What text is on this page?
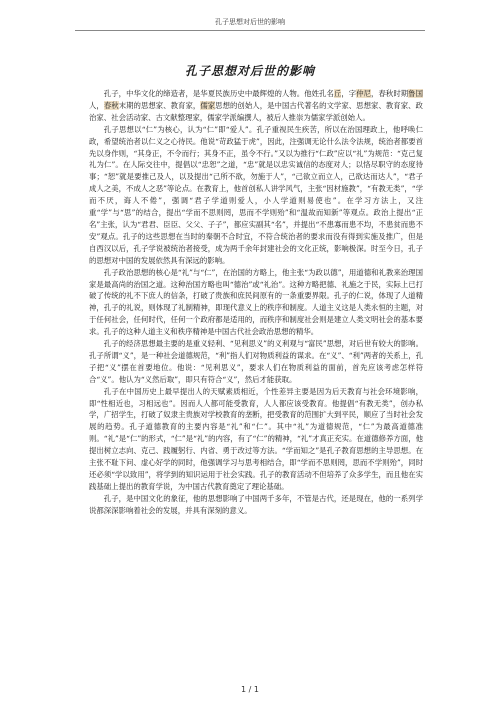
孔子思想对后世的影响
孔子思想对后世的影响

孔子，中华文化的缔造者，是华夏民族历史中最辉煌的人物。他姓孔名丘，字仲尼，春秋时期鲁国人，春秋末期的思想家、教育家，儒家思想的创始人，是中国古代著名的文学家、思想家、教育家、政治家、社会活动家、古文献整理家，儒家学派编撰人，被后人推崇为儒家学派创始人。

孔子思想以“仁”为核心，认为“仁”即“爱人”。孔子重视民生疾苦，所以在治国理政上，他呼唤仁政，希望统治者以仁义之心待民。他说“苛政猛于虎”，因此，注强调无论什么法令法规，统治者都要首先以身作则，“其身正，不令而行；其身不正，虽令不行。”又以为推行“仁政”应以“礼”为规范：“克己复礼为仁”。在人际交往中，提倡以“忠恕”之道，“忠”就是以忠实诚信的态度对人；以恪尽职守的态度待事；“恕”就是要推己及人，以及提出“己所不欲，勿施于人”，“己欲立而立人，己欲达而达人”，“君子成人之美，不成人之恶”等论点。在教育上，他首创私人讲学风气，主张“因材施教”，“有教无类”，“学而不厌，诲人不倦”，强调“君子学道则爱人，小人学道则易使也”。在学习方法上，又注重“学”与“思”的结合，提出“学而不思则罔，思而不学则殆”和“温故而知新”等观点。政治上提出“正名”主张，认为“君君、臣臣、父父、子子”，都应实副其“名”，并提出“不患寡而患不均，不患贫而患不安”观点。孔子的这些思想在当时的秦朝不合时宜，不符合统治者的要求而没有得到实施及推广，但是自西汉以后，孔子学说被统治者接受，成为两千余年封建社会的文化正统，影响极深。时至今日，孔子的思想对中国的发展依然具有深远的影响。

孔子政治思想的核心是“礼”与“仁”，在治国的方略上，他主张“为政以德”，用道德和礼教来治理国家是最高尚的治国之道。这种治国方略也叫“德治”或“礼治”。这种方略把德、礼施之于民，实际上已打破了传统的礼不下庶人的信条，打破了贵族和庶民间原有的一条重要界限。孔子的仁说，体现了人道精神，孔子的礼说，则体现了礼制精神，即现代意义上的秩序和制度。人道主义这是人类永恒的主题，对于任何社会，任何时代，任何一个政府都是适用的，而秩序和制度社会则是建立人类文明社会的基本要求。孔子的这种人道主义和秩序精神是中国古代社会政治思想的精华。

孔子的经济思想最主要的是重义轻利、“见利思义”的义利观与“富民”思想，对后世有较大的影响。孔子所谓“义”，是一种社会道德规范，“利”指人们对物质利益的谋求。在“义”、“利”两者的关系上，孔子把“义”摆在首要地位。他说：“见利思义”，要求人们在物质利益的面前，首先应该考虑怎样符合“义”。他认为“义然后取”，即只有符合“义”，然后才能获取。

孔子在中国历史上最早提出人的天赋素质相近，个性差异主要是因为后天教育与社会环境影响，即“性相近也，习相远也”。因而人人都可能受教育，人人都应该受教育。他提倡“有教无类”，创办私学，广招学生，打破了奴隶主贵族对学校教育的垄断，把受教育的范围扩大到平民，顺应了当时社会发展的趋势。孔子道德教育的主要内容是“礼”和“仁”。其中“礼”为道德规范，“仁”为最高道德准则。“礼”是“仁”的形式，“仁”是“礼”的内容，有了“仁”的精神，“礼”才真正充实。在道德修养方面，他提出树立志向、克己、践履躬行、内省、勇于改过等方法。“学而知之”是孔子教育思想的主导思想。在主张不耻下问、虚心好学的同时，他强调学习与思考相结合，即“学而不思则罔，思而不学则殆”，同时还必须“学以致用”，将学到的知识运用于社会实践。孔子的教育活动不但培养了众多学生，而且他在实践基础上提出的教育学说，为中国古代教育奠定了理论基础。

孔子，是中国文化的象征，他的思想影响了中国两千多年，不管是古代，还是现在，他的一系列学说都深深影响着社会的发展，并具有深刻的意义。

1 / 1
